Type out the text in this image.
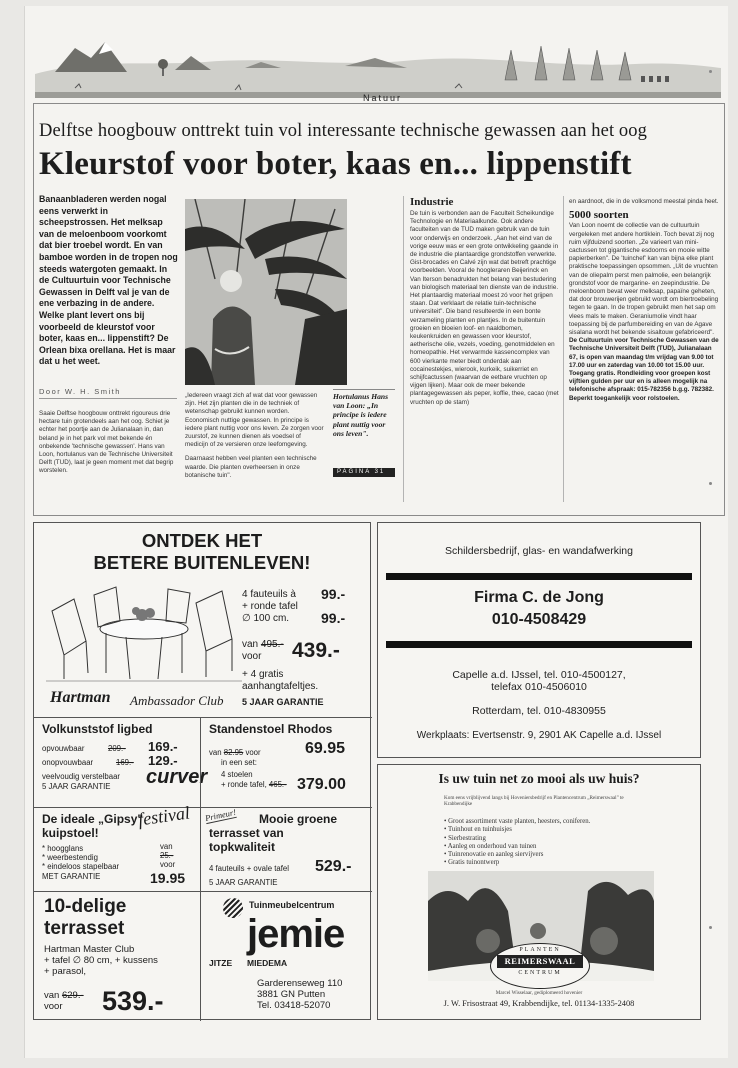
Natuur
Delftse hoogbouw onttrekt tuin vol interessante technische gewassen aan het oog
Kleurstof voor boter, kaas en... lippenstift
Banaanbladeren werden nogal eens verwerkt in scheepstrossen. Het melksap van de meloenboom voorkomt dat bier troebel wordt. En van bamboe worden in de tropen nog steeds watergoten gemaakt. In de Cultuurtuin voor Technische Gewassen in Delft val je van de ene verbazing in de andere. Welke plant levert ons bij voorbeeld de kleurstof voor boter, kaas en... lippenstift? De Orlean bixa orellana. Het is maar dat u het weet.
Door W. H. Smith
Saaie Delftse hoogbouw onttrekt rigoureus drie hectare tuin grotendeels aan het oog. Schiet je echter het poortje aan de Julianalaan in, dan beland je in het park vol met bekende én onbekende 'technische gewassen'. Hans van Loon, hortulanus van de Technische Universiteit Delft (TUD), laat je geen moment met dat begrip worstelen.

„Iedereen vraagt zich af wat dat voor gewassen zijn. Het zijn planten die in de techniek of wetenschap gebruikt kunnen worden. Economisch nuttige gewassen. In principe is iedere plant nuttig voor ons leven. Ze zorgen voor zuurstof, ze kunnen dienen als voedsel of medicijn of ze versieren onze leefomgeving.

Daarnaast hebben veel planten een technische waarde. Die planten overheersen in onze botanische tuin".

Hortulanus Hans van Loon: „In principe is iedere plant nuttig voor ons leven".
PAGINA 31
Industrie
De tuin is verbonden aan de Faculteit Scheikundige Technologie en Materiaalkunde. Ook andere faculteiten van de TUD maken gebruik van de tuin voor onderwijs en onderzoek. „Aan het eind van de vorige eeuw was er een grote ontwikkeling gaande in de industrie die plantaardige grondstoffen verwerkte. Gist-brocades en Calvé zijn wat dat betreft prachtige voorbeelden. Vooral de hoogleraren Beijerinck en Van Iterson benadrukten het belang van bestudering van biologisch materiaal ten dienste van de industrie. Het plantaardig materiaal moest zó voor het grijpen staan. Dat verklaart de relatie tuin-technische universiteit". Die band resulteerde in een bonte verzameling planten en plantjes. In de buitentuin groeien en bloeien loof- en naaldbomen, keukenkruiden en gewassen voor kleurstof, aetherische olie, vezels, voeding, genotmiddelen en homeopathie. Het verwarmde kassencomplex van 600 vierkante meter biedt onderdak aan cocainestekjes, wierook, kurkeik, suikerriet en schijfcactussen (waarvan de eetbare vruchten op vijgen lijken). Maar ook de meer bekende plantagegewassen als peper, koffie, thee, cacao (met vruchten op de stam)
en aardnoot, die in de volksmond meestal pinda heet.
5000 soorten
Van Loon noemt de collectie van de cultuurtuin vergeleken met andere hortiklein. Toch bevat zij nog ruim vijfduizend soorten. „Ze varieert van mini-cactussen tot gigantische esdoorns en mooie witte papierberken". De 'tuinchef' kan van bijna elke plant praktische toepassingen opsommen. „Uit de vruchten van de oliepalm perst men palmolie, een belangrijk grondstof voor de margarine- en zeepindustrie. De meloenboom bevat weer melksap, papaïne geheten, dat door brouwerijen gebruikt wordt om biertroebeling tegen te gaan. In de tropen gebruikt men het sap om vlees mals te maken. Geraniumolie vindt haar toepassing bij de parfumbereiding en van de Agave sisalana wordt het bekende sisaltouw gefabriceerd".
De Cultuurtuin voor Technische Gewassen van de Technische Universiteit Delft (TUD), Julianalaan 67, is open van maandag t/m vrijdag van 9.00 tot 17.00 uur en zaterdag van 10.00 tot 15.00 uur. Toegang gratis. Rondleiding voor groepen kost vijftien gulden per uur en is alleen mogelijk na telefonische afspraak: 015-782356 b.g.g. 782382. Beperkt toegankelijk voor rolstoelen.
ONTDEK HET
BETERE BUITENLEVEN!
4 fauteuils à 99.-
+ ronde tafel
∅ 100 cm. 99.-
van 495.-
voor 439.-
+ 4 gratis
aanhangtafeltjes.
5 JAAR GARANTIE
Hartman Ambassador Club
Volkunststof ligbed
opvouwbaar	209.- 169.-
onopvouwbaar	169.- 129.-
veelvoudig verstelbaar
5 JAAR GARANTIE curver
Standenstoel Rhodos
van 82.95 voor	69.95
in een set:
4 stoelen
+ ronde tafel, 465.- 379.00
De ideale „Gipsy"
kuipstoel!
festival
* hoogglans
* weerbestendig
* eindeloos stapelbaar
MET GARANTIE
van
25.-
voor
19.95
Primeur! Mooie groene
terrasset van
topkwaliteit
4 fauteuils + ovale tafel 529.-
5 JAAR GARANTIE
10-delige
terrasset
Hartman Master Club
+ tafel ∅ 80 cm, + kussens
+ parasol,
van 629.-
voor 539.-
Tuinmeubelcentrum
jemie
JITZE MIEDEMA
Garderenseweg 110
3881 GN Putten
Tel. 03418-52070
Schildersbedrijf, glas- en wandafwerking
Firma C. de Jong
010-4508429
Capelle a.d. IJssel, tel. 010-4500127,
telefax 010-4506010
Rotterdam, tel. 010-4830955
Werkplaats: Evertsenstr. 9, 2901 AK Capelle a.d. IJssel
Is uw tuin net zo mooi als uw huis?
Kom eens vrijblijvend langs bij Hoveniersbedrijf en Plantencentrum „Reimerswaal" te Krabbendijke
• Groot assortiment vaste planten, heesters, coniferen.
• Tuinhout en tuinhuisjes
• Sierbestrating
• Aanleg en onderhoud van tuinen
• Tuinrenovatie en aanleg siervijvers
• Gratis tuinontwerp
PLANTEN
REIMERSWAAL
CENTRUM
Marcel Wisselaar, gediplomeerd hovenier
J. W. Frisostraat 49, Krabbendijke, tel. 01134-1335-2408
